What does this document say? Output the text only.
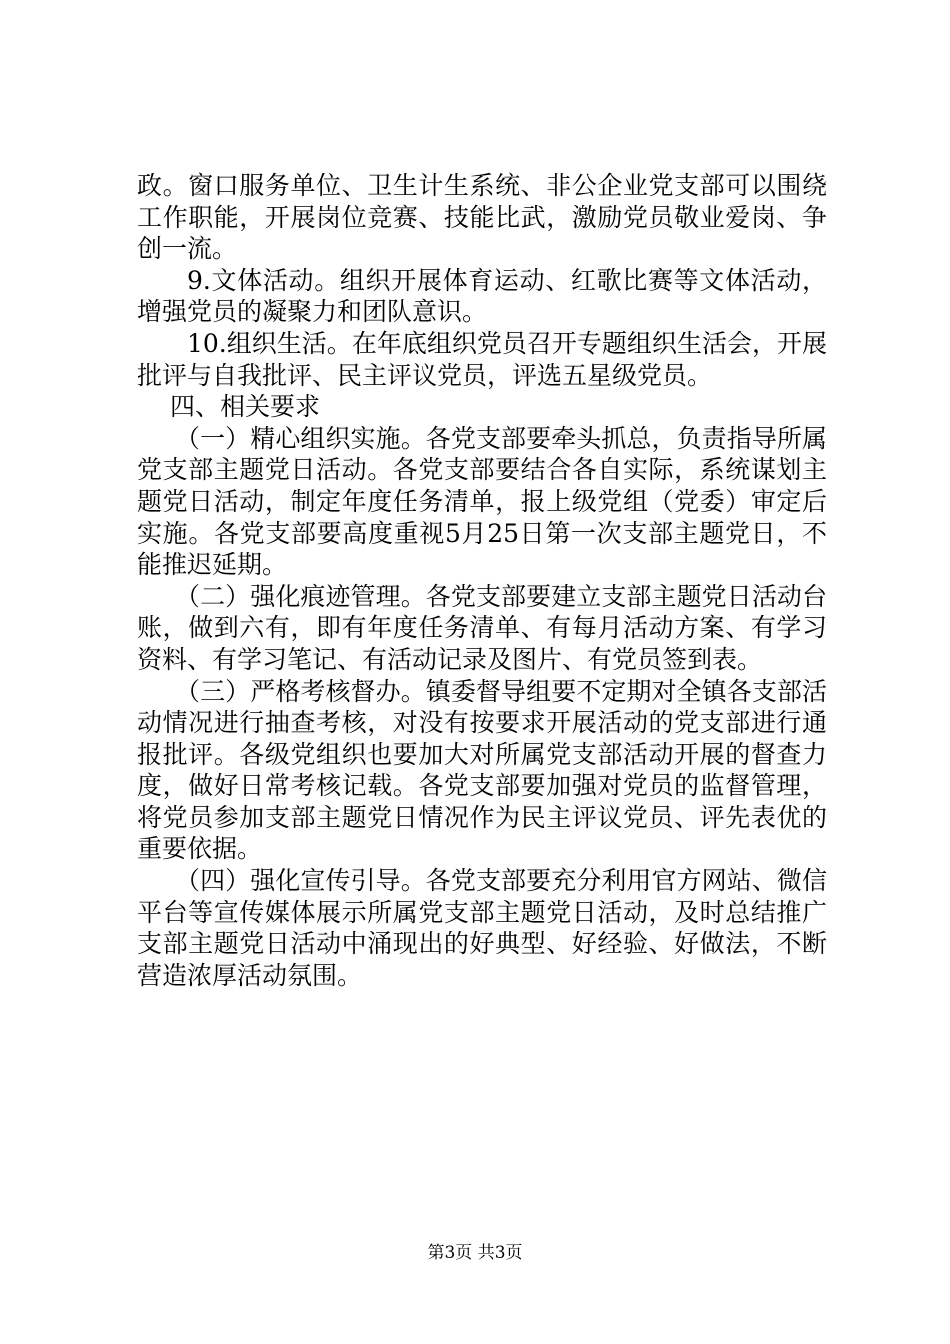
政。窗口服务单位、卫生计生系统、非公企业党支部可以围绕工作职能，开展岗位竞赛、技能比武，激励党员敬业爱岗、争创一流。

9.文体活动。组织开展体育运动、红歌比赛等文体活动，增强党员的凝聚力和团队意识。

10.组织生活。在年底组织党员召开专题组织生活会，开展批评与自我批评、民主评议党员，评选五星级党员。

四、相关要求

（一）精心组织实施。各党支部要牵头抓总，负责指导所属党支部主题党日活动。各党支部要结合各自实际，系统谋划主题党日活动，制定年度任务清单，报上级党组（党委）审定后实施。各党支部要高度重视5月25日第一次支部主题党日，不能推迟延期。

（二）强化痕迹管理。各党支部要建立支部主题党日活动台账，做到六有，即有年度任务清单、有每月活动方案、有学习资料、有学习笔记、有活动记录及图片、有党员签到表。

（三）严格考核督办。镇委督导组要不定期对全镇各支部活动情况进行抽查考核，对没有按要求开展活动的党支部进行通报批评。各级党组织也要加大对所属党支部活动开展的督查力度，做好日常考核记载。各党支部要加强对党员的监督管理，将党员参加支部主题党日情况作为民主评议党员、评先表优的重要依据。

（四）强化宣传引导。各党支部要充分利用官方网站、微信平台等宣传媒体展示所属党支部主题党日活动，及时总结推广支部主题党日活动中涌现出的好典型、好经验、好做法，不断营造浓厚活动氛围。

第3页 共3页
